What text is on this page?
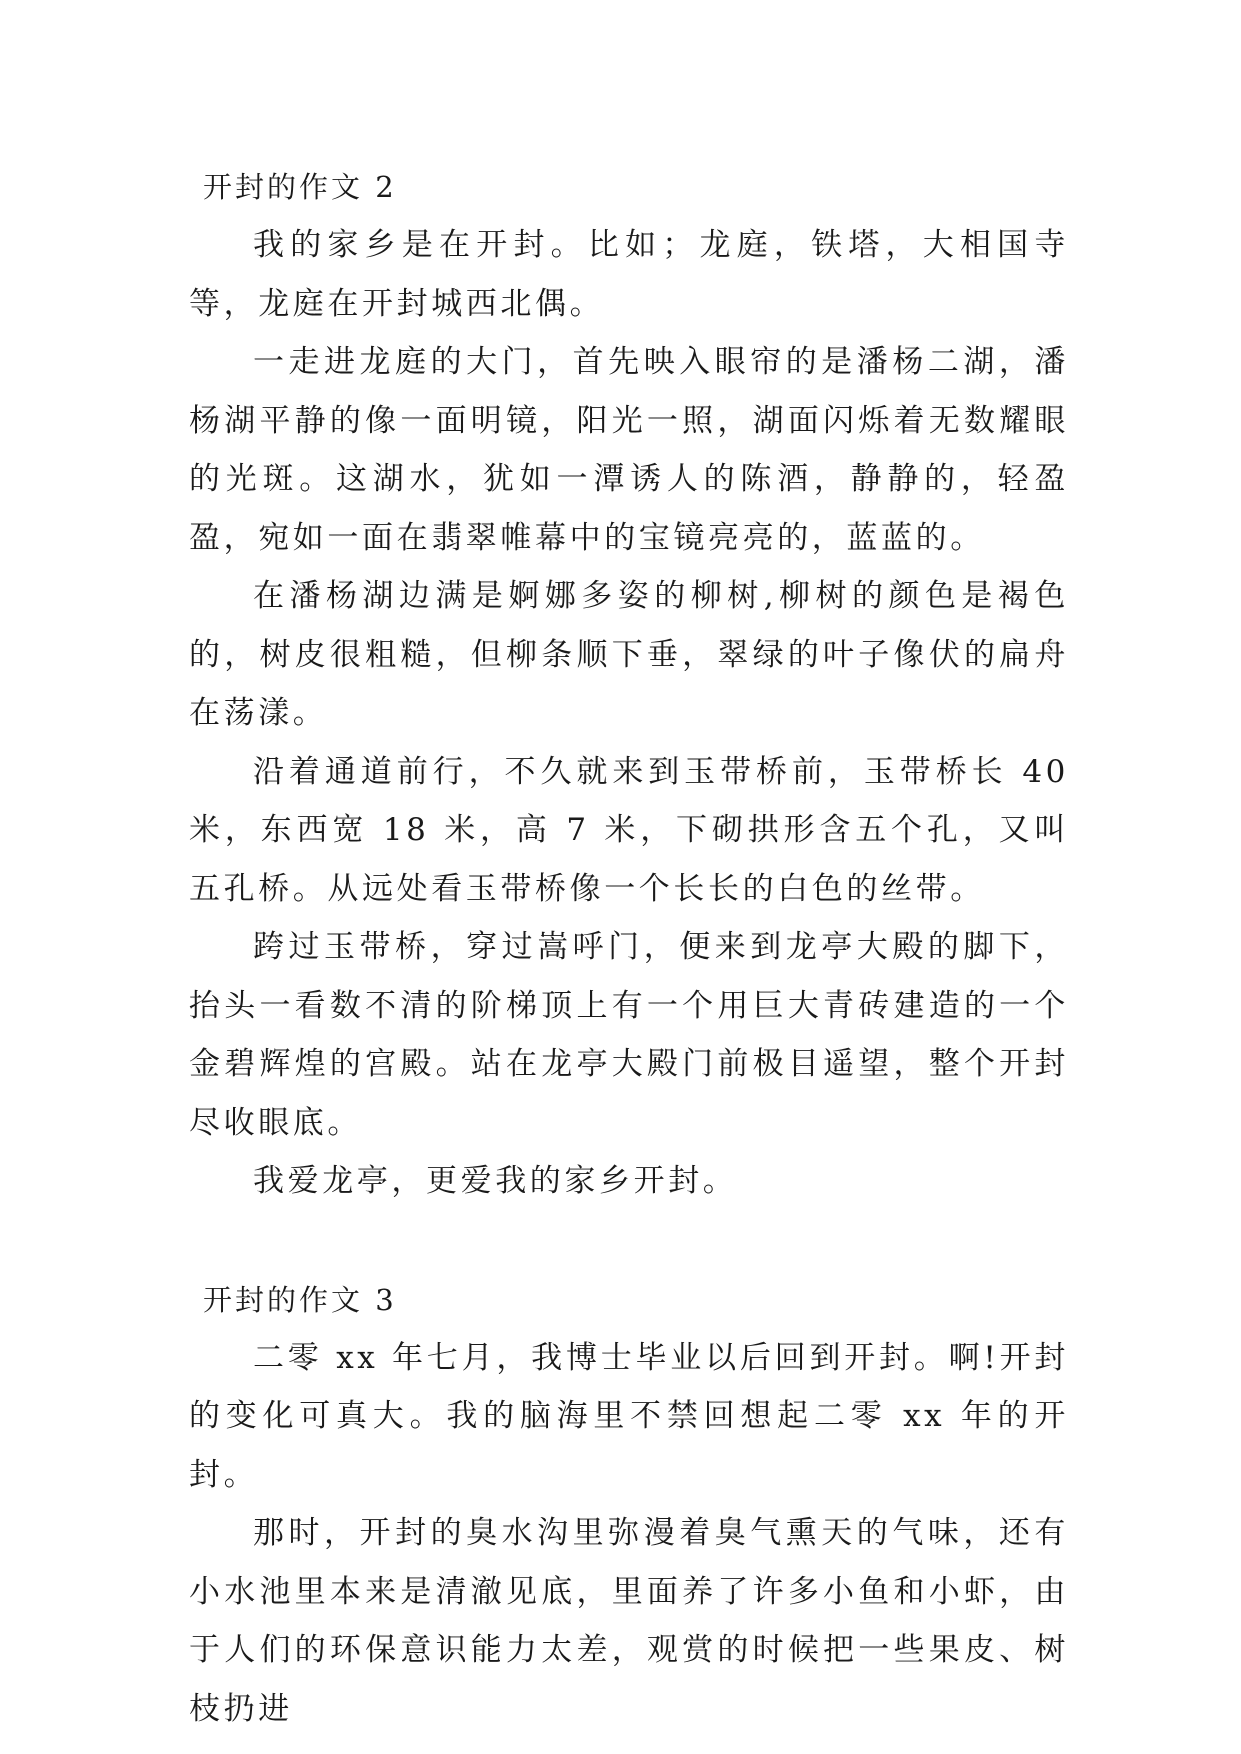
开封的作文 2

我的家乡是在开封。比如；龙庭，铁塔，大相国寺等，龙庭在开封城西北偶。

一走进龙庭的大门，首先映入眼帘的是潘杨二湖，潘杨湖平静的像一面明镜，阳光一照，湖面闪烁着无数耀眼的光斑。这湖水，犹如一潭诱人的陈酒，静静的，轻盈盈，宛如一面在翡翠帷幕中的宝镜亮亮的，蓝蓝的。

在潘杨湖边满是婀娜多姿的柳树,柳树的颜色是褐色的，树皮很粗糙，但柳条顺下垂，翠绿的叶子像伏的扁舟在荡漾。

沿着通道前行，不久就来到玉带桥前，玉带桥长 40 米，东西宽 18 米，高 7 米，下砌拱形含五个孔，又叫五孔桥。从远处看玉带桥像一个长长的白色的丝带。

跨过玉带桥，穿过嵩呼门，便来到龙亭大殿的脚下，抬头一看数不清的阶梯顶上有一个用巨大青砖建造的一个金碧辉煌的宫殿。站在龙亭大殿门前极目遥望，整个开封尽收眼底。

我爱龙亭，更爱我的家乡开封。

开封的作文 3

二零 xx 年七月，我博士毕业以后回到开封。啊!开封的变化可真大。我的脑海里不禁回想起二零 xx 年的开封。

那时，开封的臭水沟里弥漫着臭气熏天的气味，还有小水池里本来是清澈见底，里面养了许多小鱼和小虾，由于人们的环保意识能力太差，观赏的时候把一些果皮、树枝扔进
